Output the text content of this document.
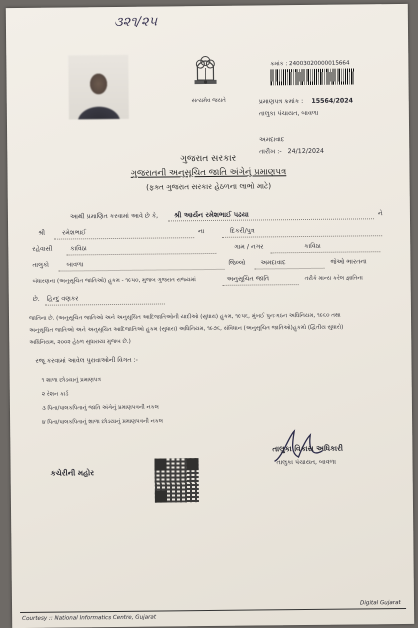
૩૨૧/૨૫
સત્યમેવ જયતે
ક્રમાંક : 24003020000015664
પ્રમાણપત્ર ક્રમાંક : 15564/2024
તાલુકા પંચાયત, બાવળા
અમદાવાદ
તારીખ :- 24/12/2024
ગુજરાત સરકાર
ગુજરાતની અનુસૂચિત જાતિ અંગેનું પ્રમાણપત્ર
(ફક્ત ગુજરાત સરકાર હેઠળના લાભો માટે)
આથી પ્રમાણિત કરવામાં આવે છે કે, શ્રી આર્યન રમેશભાઈ પઢયા	ને
શ્રી	રમેશભાઈ	ના	દિકરી/પુત્ર
રહેવાસી	કાવિઠા	ગામ / નગર	કાવિઠા
તાલુકો	બાવળા	જિલ્લો અમદાવાદ	જેઓ ભારતના
બંધારણના (અનુસૂચિત જાતિઓ) હુકમ - ૧૯૫૦, મુજબ ગુજરાત રાજ્યમાં	અનુસૂચિત જાતિ	તરીકે માન્ય કરેલ જ્ઞાતિના
છે. હિન્દુ વણકર
જાતિના છે. (અનુસૂચિત જાતિઓ અને અનુસૂચિત આદિજાતિઓની યાદીઓ (સુધારા) હુકમ, ૧૯૫૬, મુંબઈ પુનઃગઠન અધિનિયમ, ૧૯૬૦ તથા
અનુસૂચિત જાતિઓ અને અનુસૂચિત આદિજાતિઓ હુકમ (સુધારા) અધિનિયમ, ૧૯૭૬, સંવિધાન (અનુસૂચિત જાતિઓ)હુકમો (દ્વિતીય સુધારો)
અધિનિયમ, ૨૦૦૨ હેઠળ સુધારાયા મુજબ છે.)
રજૂ કરવામાં આવેલ પુરાવાઓની વિગત :-
૧ શાળા છોડયાનું પ્રમાણપત્ર
૨ રેશન કાર્ડ
૩ પિતા/પાલકપિતાનું જાતિ અંગેનું પ્રમાણપત્રની નકલ
૪ પિતા/પાલકપિતાનું શાળા છોડયાનું પ્રમાણપત્રની નકલ
કચેરીની મહોર
તાલુકા વિકાસ અધિકારી
તાલુકા પંચાયત, બાવળા
Courtesy :: National Informatics Centre, Gujarat
Digital Gujarat
